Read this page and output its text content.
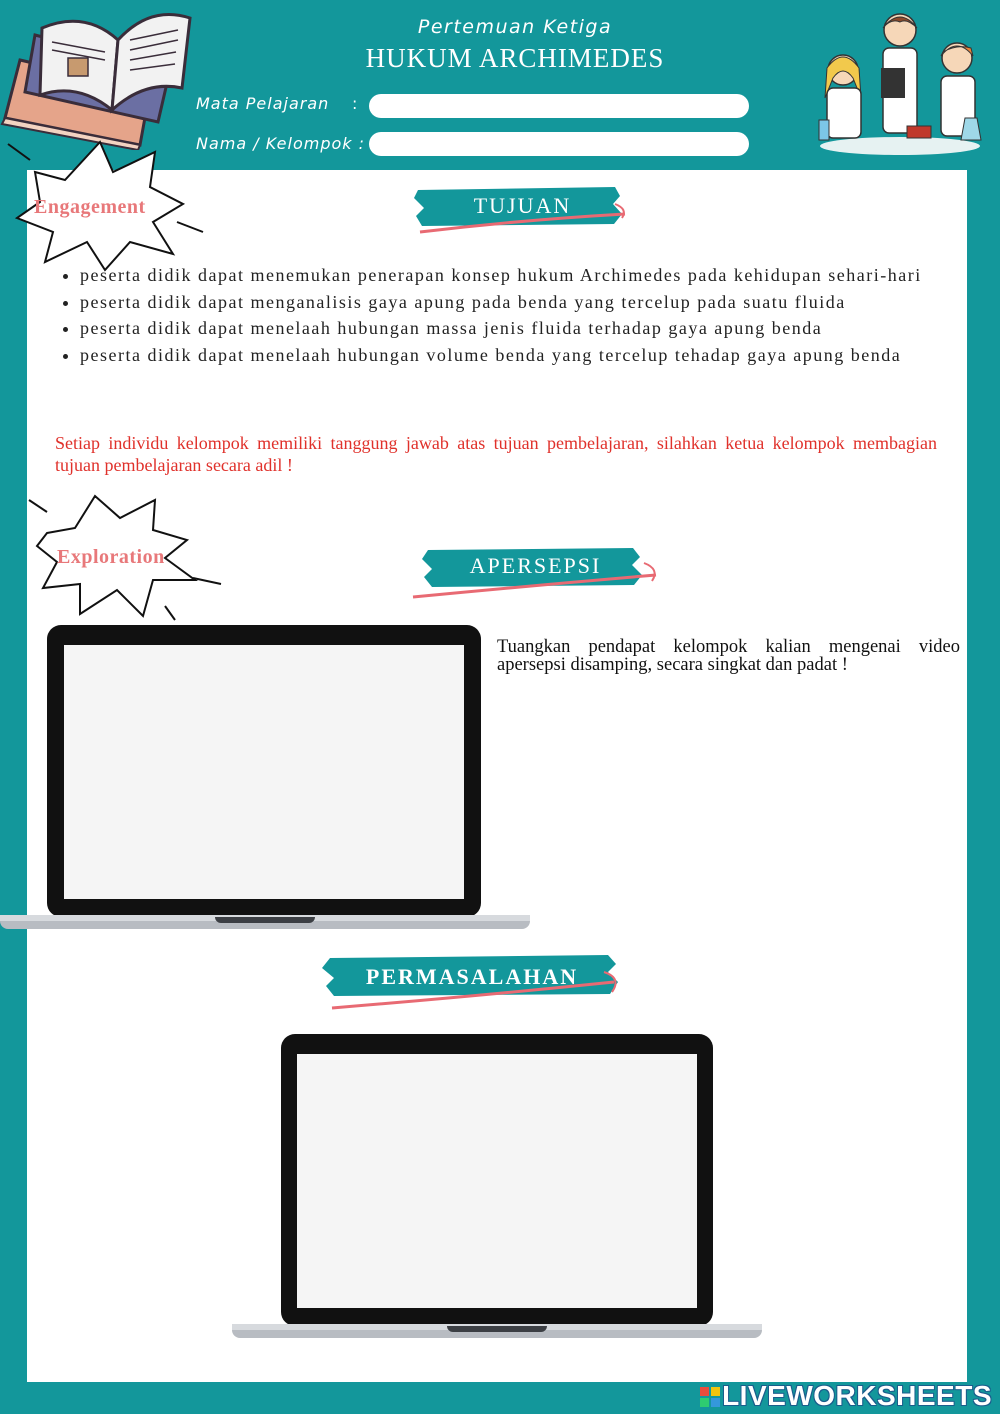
Pertemuan Ketiga
HUKUM ARCHIMEDES
Mata Pelajaran :
Nama / Kelompok :
Engagement	TUJUAN
• peserta didik dapat menemukan penerapan konsep hukum Archimedes pada kehidupan sehari-hari
• peserta didik dapat menganalisis gaya apung pada benda yang tercelup pada suatu fluida
• peserta didik dapat menelaah hubungan massa jenis fluida terhadap gaya apung benda
• peserta didik dapat menelaah hubungan volume benda yang tercelup tehadap gaya apung benda

Setiap individu kelompok memiliki tanggung jawab atas tujuan pembelajaran, silahkan ketua kelompok membagian tujuan pembelajaran secara adil !

Exploration	APERSEPSI

Tuangkan pendapat kelompok kalian mengenai video apersepsi disamping, secara singkat dan padat !

PERMASALAHAN
LIVEWORKSHEETS
